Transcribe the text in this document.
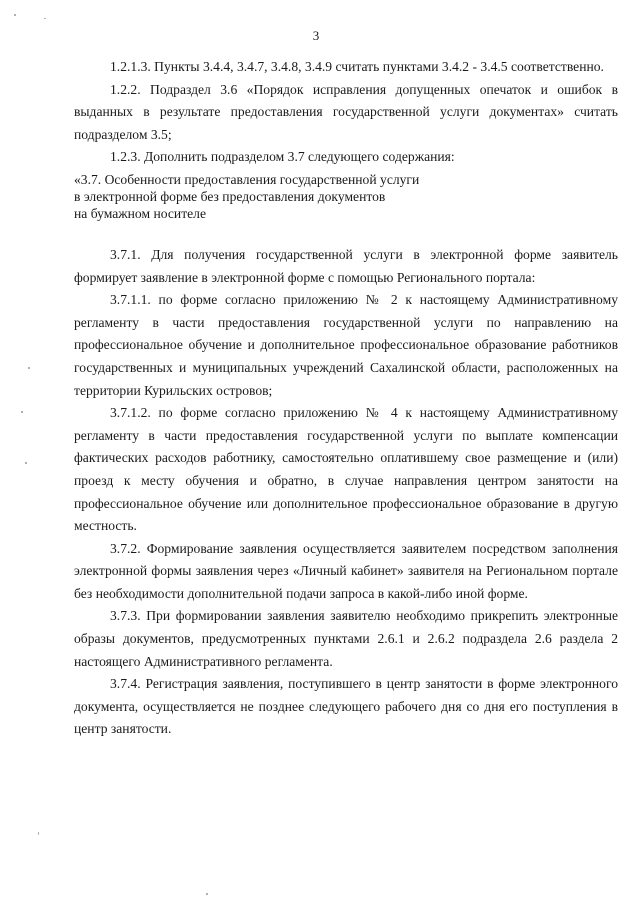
3

1.2.1.3. Пункты 3.4.4, 3.4.7, 3.4.8, 3.4.9 считать пунктами 3.4.2 - 3.4.5 соответственно.

1.2.2. Подраздел 3.6 «Порядок исправления допущенных опечаток и ошибок в выданных в результате предоставления государственной услуги документах» считать подразделом 3.5;

1.2.3. Дополнить подразделом 3.7 следующего содержания:

«3.7. Особенности предоставления государственной услуги
в электронной форме без предоставления документов
на бумажном носителе

3.7.1. Для получения государственной услуги в электронной форме заявитель формирует заявление в электронной форме с помощью Регионального портала:

3.7.1.1. по форме согласно приложению № 2 к настоящему Административному регламенту в части предоставления государственной услуги по направлению на профессиональное обучение и дополнительное профессиональное образование работников государственных и муниципальных учреждений Сахалинской области, расположенных на территории Курильских островов;

3.7.1.2. по форме согласно приложению № 4 к настоящему Административному регламенту в части предоставления государственной услуги по выплате компенсации фактических расходов работнику, самостоятельно оплатившему свое размещение и (или) проезд к месту обучения и обратно, в случае направления центром занятости на профессиональное обучение или дополнительное профессиональное образование в другую местность.

3.7.2. Формирование заявления осуществляется заявителем посредством заполнения электронной формы заявления через «Личный кабинет» заявителя на Региональном портале без необходимости дополнительной подачи запроса в какой-либо иной форме.

3.7.3. При формировании заявления заявителю необходимо прикрепить электронные образы документов, предусмотренных пунктами 2.6.1 и 2.6.2 подраздела 2.6 раздела 2 настоящего Административного регламента.

3.7.4. Регистрация заявления, поступившего в центр занятости в форме электронного документа, осуществляется не позднее следующего рабочего дня со дня его поступления в центр занятости.
